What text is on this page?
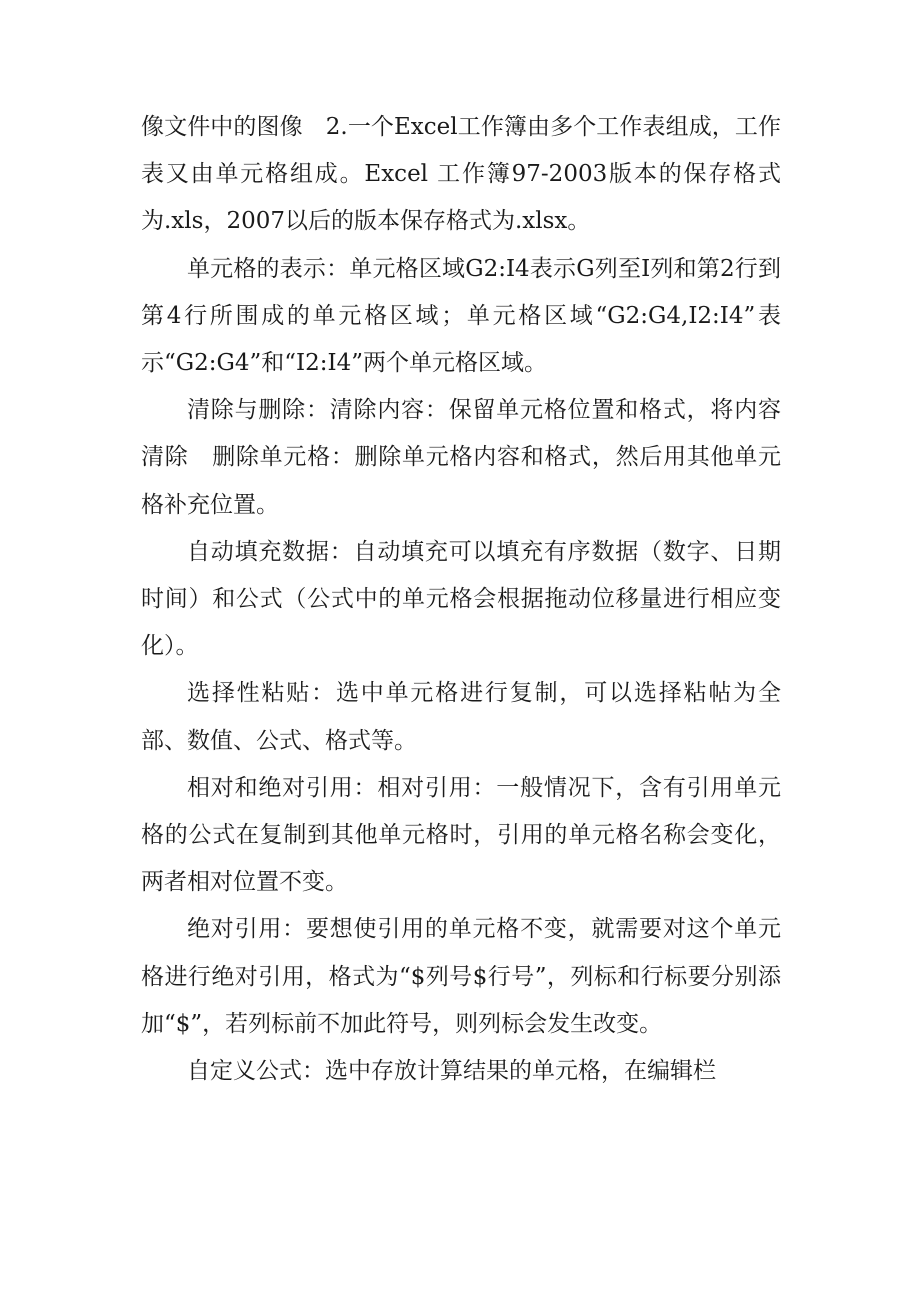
像文件中的图像　2.一个Excel工作簿由多个工作表组成，工作表又由单元格组成。Excel 工作簿97-2003版本的保存格式为.xls，2007以后的版本保存格式为.xlsx。

单元格的表示：单元格区域G2:I4表示G列至I列和第2行到第4行所围成的单元格区域；单元格区域“G2:G4,I2:I4”表示“G2:G4”和“I2:I4”两个单元格区域。

清除与删除：清除内容：保留单元格位置和格式，将内容清除　删除单元格：删除单元格内容和格式，然后用其他单元格补充位置。

自动填充数据：自动填充可以填充有序数据（数字、日期时间）和公式（公式中的单元格会根据拖动位移量进行相应变化）。

选择性粘贴：选中单元格进行复制，可以选择粘帖为全部、数值、公式、格式等。

相对和绝对引用：相对引用：一般情况下，含有引用单元格的公式在复制到其他单元格时，引用的单元格名称会变化，两者相对位置不变。

绝对引用：要想使引用的单元格不变，就需要对这个单元格进行绝对引用，格式为“$列号$行号”，列标和行标要分别添加“$”，若列标前不加此符号，则列标会发生改变。

自定义公式：选中存放计算结果的单元格，在编辑栏
